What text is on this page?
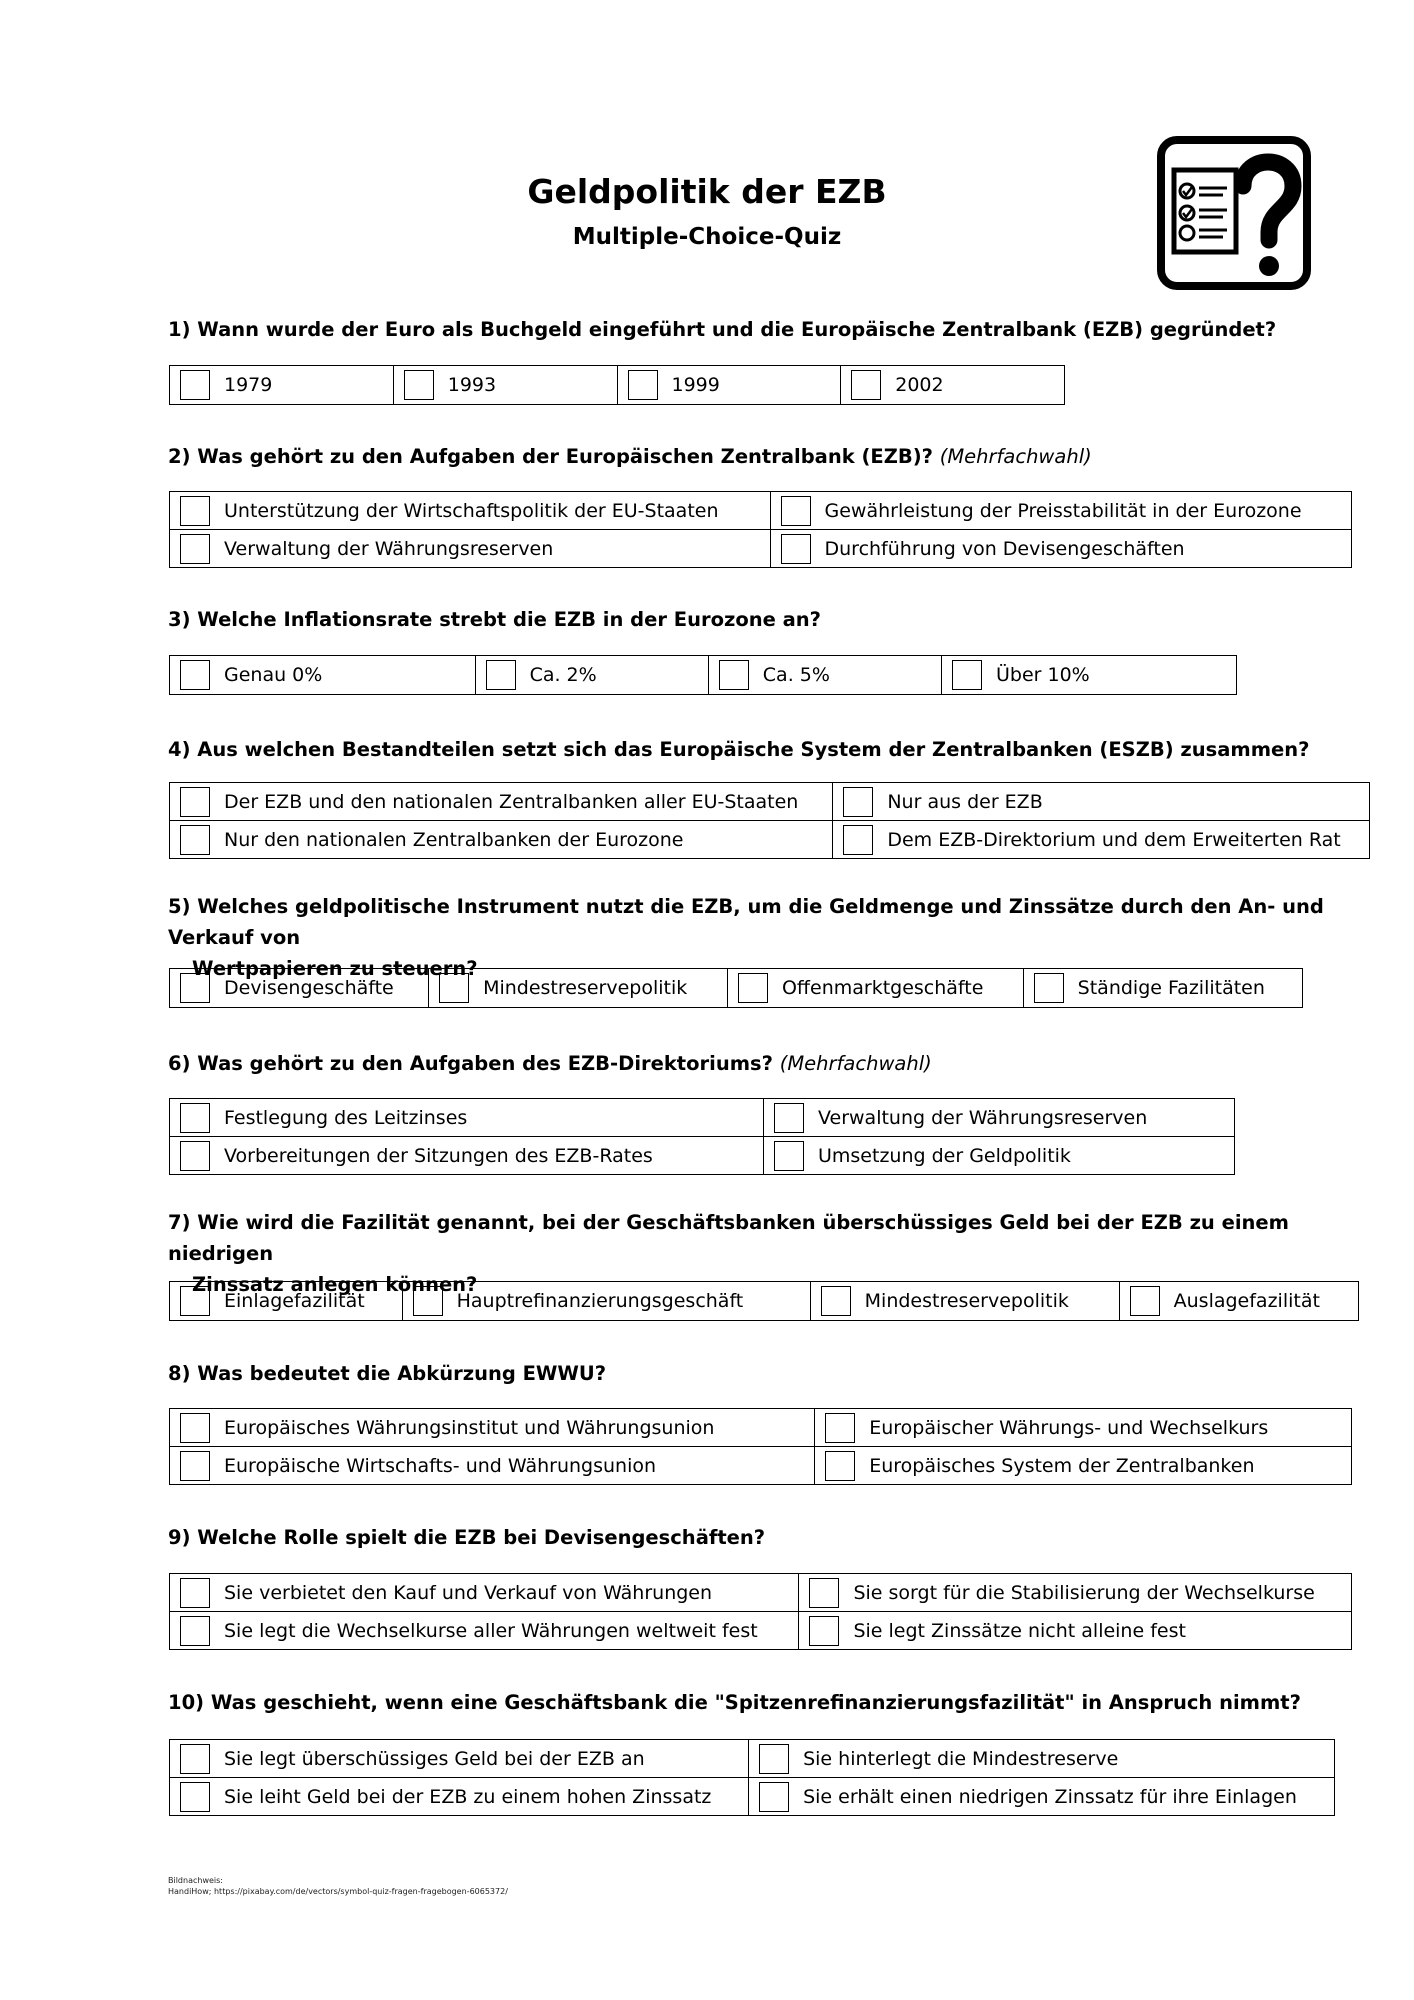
Geldpolitik der EZB
Multiple-Choice-Quiz
1) Wann wurde der Euro als Buchgeld eingeführt und die Europäische Zentralbank (EZB) gegründet?
	1979		1993		1999		2002
2) Was gehört zu den Aufgaben der Europäischen Zentralbank (EZB)? (Mehrfachwahl)
	Unterstützung der Wirtschaftspolitik der EU-Staaten		Gewährleistung der Preisstabilität in der Eurozone

	Verwaltung der Währungsreserven		Durchführung von Devisengeschäften
3) Welche Inflationsrate strebt die EZB in der Eurozone an?
	Genau 0%		Ca. 2%		Ca. 5%		Über 10%
4) Aus welchen Bestandteilen setzt sich das Europäische System der Zentralbanken (ESZB) zusammen?
	Der EZB und den nationalen Zentralbanken aller EU-Staaten		Nur aus der EZB

	Nur den nationalen Zentralbanken der Eurozone		Dem EZB-Direktorium und dem Erweiterten Rat
5) Welches geldpolitische Instrument nutzt die EZB, um die Geldmenge und Zinssätze durch den An- und Verkauf von
Wertpapieren zu steuern?
	Devisengeschäfte		Mindestreservepolitik		Offenmarktgeschäfte		Ständige Fazilitäten
6) Was gehört zu den Aufgaben des EZB-Direktoriums? (Mehrfachwahl)
	Festlegung des Leitzinses		Verwaltung der Währungsreserven

	Vorbereitungen der Sitzungen des EZB-Rates		Umsetzung der Geldpolitik
7) Wie wird die Fazilität genannt, bei der Geschäftsbanken überschüssiges Geld bei der EZB zu einem niedrigen
Zinssatz anlegen können?
	Einlagefazilität		Hauptrefinanzierungsgeschäft		Mindestreservepolitik		Auslagefazilität
8) Was bedeutet die Abkürzung EWWU?
	Europäisches Währungsinstitut und Währungsunion		Europäischer Währungs- und Wechselkurs

	Europäische Wirtschafts- und Währungsunion		Europäisches System der Zentralbanken
9) Welche Rolle spielt die EZB bei Devisengeschäften?
	Sie verbietet den Kauf und Verkauf von Währungen		Sie sorgt für die Stabilisierung der Wechselkurse

	Sie legt die Wechselkurse aller Währungen weltweit fest		Sie legt Zinssätze nicht alleine fest
10) Was geschieht, wenn eine Geschäftsbank die "Spitzenrefinanzierungsfazilität" in Anspruch nimmt?
	Sie legt überschüssiges Geld bei der EZB an		Sie hinterlegt die Mindestreserve

	Sie leiht Geld bei der EZB zu einem hohen Zinssatz		Sie erhält einen niedrigen Zinssatz für ihre Einlagen
Bildnachweis:
HandiHow; https://pixabay.com/de/vectors/symbol-quiz-fragen-fragebogen-6065372/
